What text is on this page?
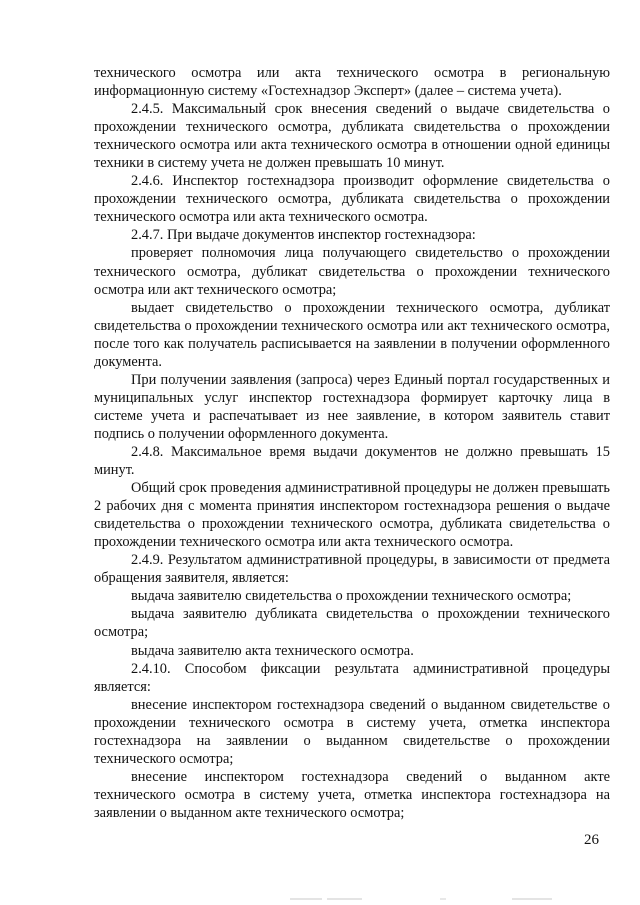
технического осмотра или акта технического осмотра в региональную информационную систему «Гостехнадзор Эксперт» (далее – система учета).

2.4.5. Максимальный срок внесения сведений о выдаче свидетельства о прохождении технического осмотра, дубликата свидетельства о прохождении технического осмотра или акта технического осмотра в отношении одной единицы техники в систему учета не должен превышать 10 минут.

2.4.6. Инспектор гостехнадзора производит оформление свидетельства о прохождении технического осмотра, дубликата свидетельства о прохождении технического осмотра или акта технического осмотра.

2.4.7. При выдаче документов инспектор гостехнадзора:

проверяет полномочия лица получающего свидетельство о прохождении технического осмотра, дубликат свидетельства о прохождении технического осмотра или акт технического осмотра;

выдает свидетельство о прохождении технического осмотра, дубликат свидетельства о прохождении технического осмотра или акт технического осмотра, после того как получатель расписывается на заявлении в получении оформленного документа.

При получении заявления (запроса) через Единый портал государственных и муниципальных услуг инспектор гостехнадзора формирует карточку лица в системе учета и распечатывает из нее заявление, в котором заявитель ставит подпись о получении оформленного документа.

2.4.8. Максимальное время выдачи документов не должно превышать 15 минут.

Общий срок проведения административной процедуры не должен превышать 2 рабочих дня с момента принятия инспектором гостехнадзора решения о выдаче свидетельства о прохождении технического осмотра, дубликата свидетельства о прохождении технического осмотра или акта технического осмотра.

2.4.9. Результатом административной процедуры, в зависимости от предмета обращения заявителя, является:

выдача заявителю свидетельства о прохождении технического осмотра;

выдача заявителю дубликата свидетельства о прохождении технического осмотра;

выдача заявителю акта технического осмотра.

2.4.10. Способом фиксации результата административной процедуры является:

внесение инспектором гостехнадзора сведений о выданном свидетельстве о прохождении технического осмотра в систему учета, отметка инспектора гостехнадзора на заявлении о выданном свидетельстве о прохождении технического осмотра;

внесение инспектором гостехнадзора сведений о выданном акте технического осмотра в систему учета, отметка инспектора гостехнадзора на заявлении о выданном акте технического осмотра;

26
